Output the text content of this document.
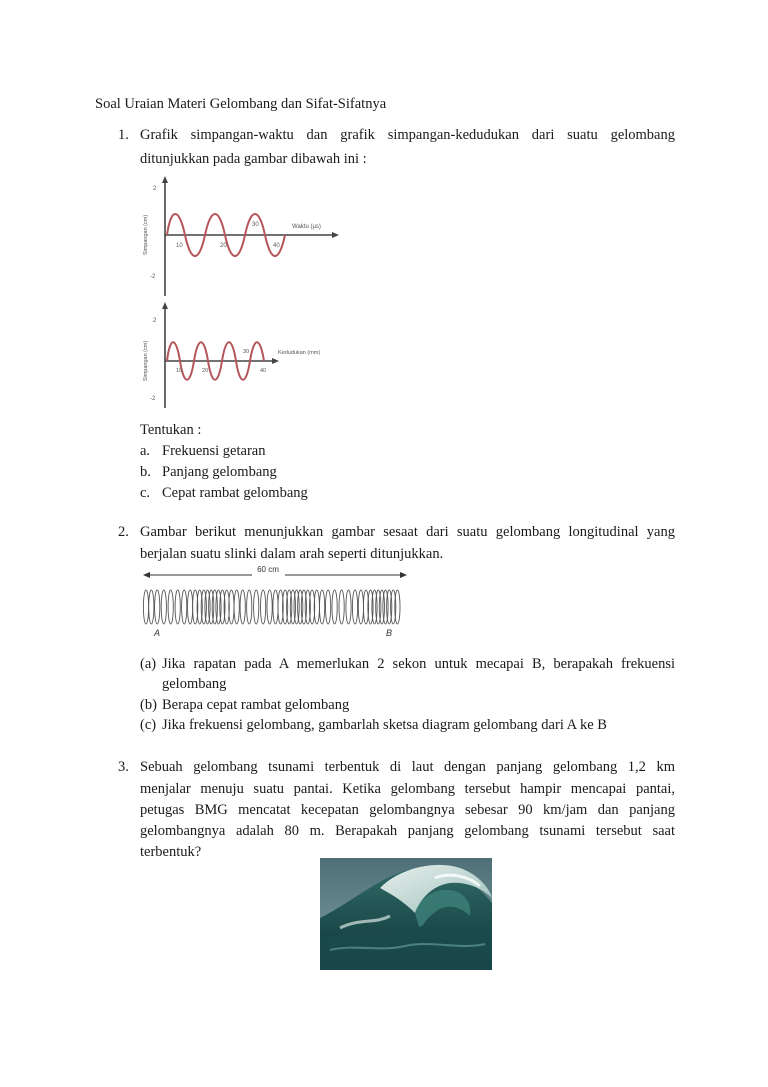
Soal Uraian Materi Gelombang dan Sifat-Sifatnya
1. Grafik simpangan-waktu dan grafik simpangan-kedudukan dari suatu gelombang
ditunjukkan pada gambar dibawah ini :
2
-2
Simpangan (cm)	10	20	40
30	Waktu (µs)
2
-2
Simpangan (cm)	10	20	40
30	Kedudukan (mm)
Tentukan :
a. Frekuensi getaran
b. Panjang gelombang
c. Cepat rambat gelombang
2. Gambar berikut menunjukkan gambar sesaat dari suatu gelombang longitudinal yang
berjalan suatu slinki dalam arah seperti ditunjukkan.
60 cm
A	B
(a) Jika rapatan pada A memerlukan 2 sekon untuk mecapai B, berapakah frekuensi
gelombang
(b) Berapa cepat rambat gelombang
(c) Jika frekuensi gelombang, gambarlah sketsa diagram gelombang dari A ke B
3. Sebuah gelombang tsunami terbentuk di laut dengan panjang gelombang 1,2 km
menjalar menuju suatu pantai. Ketika gelombang tersebut hampir mencapai pantai,
petugas BMG mencatat kecepatan gelombangnya sebesar 90 km/jam dan panjang
gelombangnya adalah 80 m. Berapakah panjang gelombang tsunami tersebut saat
terbentuk?
